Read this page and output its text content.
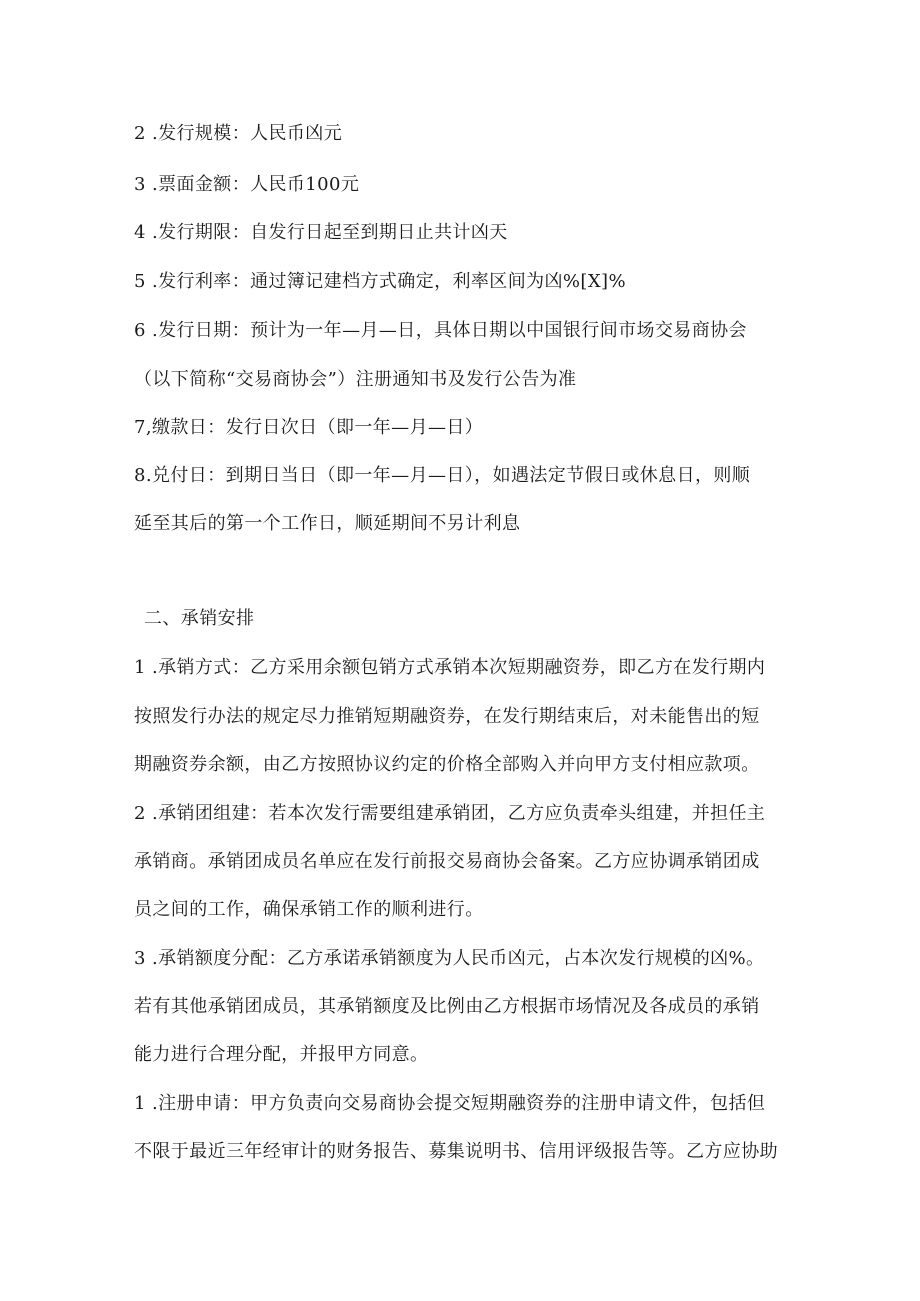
2 .发行规模：人民币凶元
3 .票面金额：人民币100元
4 .发行期限：自发行日起至到期日止共计凶天
5 .发行利率：通过簿记建档方式确定，利率区间为凶%[X]%
6 .发行日期：预计为一年—月—日，具体日期以中国银行间市场交易商协会
（以下简称“交易商协会”）注册通知书及发行公告为准
7,缴款日：发行日次日（即一年—月—日）
8.兑付日：到期日当日（即一年—月—日），如遇法定节假日或休息日，则顺
延至其后的第一个工作日，顺延期间不另计利息
二、承销安排
1 .承销方式：乙方采用余额包销方式承销本次短期融资券，即乙方在发行期内
按照发行办法的规定尽力推销短期融资券，在发行期结束后，对未能售出的短
期融资券余额，由乙方按照协议约定的价格全部购入并向甲方支付相应款项。
2 .承销团组建：若本次发行需要组建承销团，乙方应负责牵头组建，并担任主
承销商。承销团成员名单应在发行前报交易商协会备案。乙方应协调承销团成
员之间的工作，确保承销工作的顺利进行。
3 .承销额度分配：乙方承诺承销额度为人民币凶元，占本次发行规模的凶%。
若有其他承销团成员，其承销额度及比例由乙方根据市场情况及各成员的承销
能力进行合理分配，并报甲方同意。
1 .注册申请：甲方负责向交易商协会提交短期融资券的注册申请文件，包括但
不限于最近三年经审计的财务报告、募集说明书、信用评级报告等。乙方应协助
